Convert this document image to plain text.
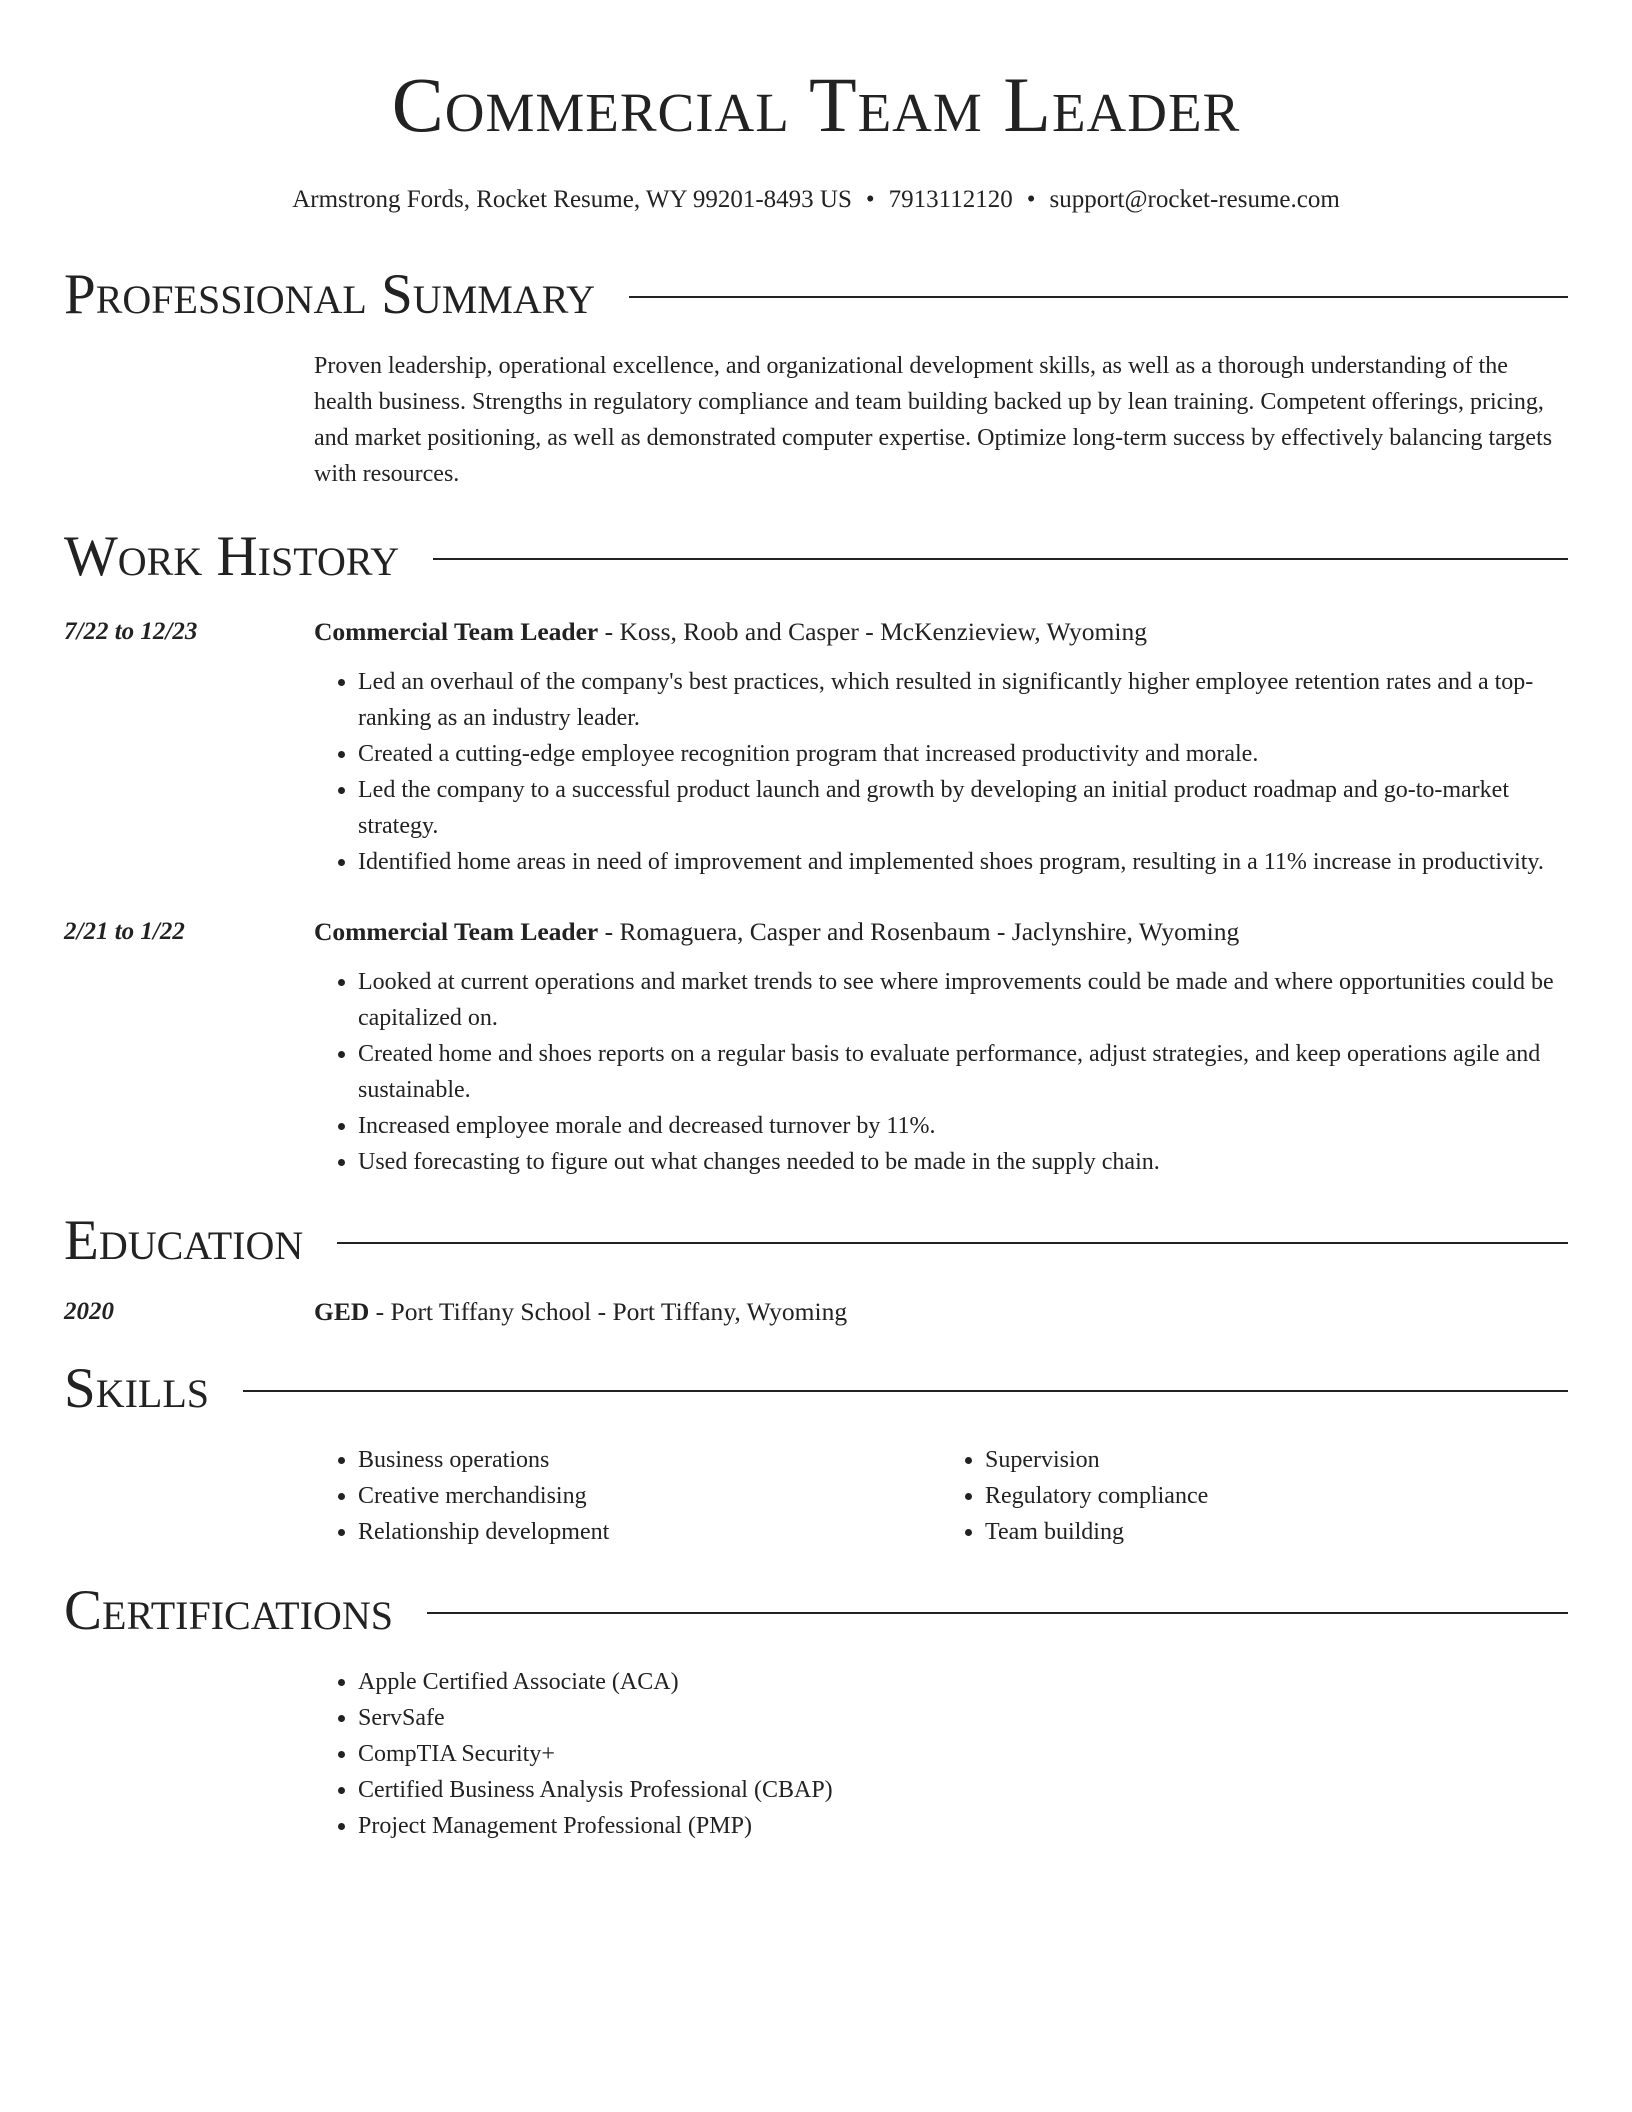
Commercial Team Leader
Armstrong Fords, Rocket Resume, WY 99201-8493 US • 7913112120 • support@rocket-resume.com
Professional Summary
Proven leadership, operational excellence, and organizational development skills, as well as a thorough understanding of the health business. Strengths in regulatory compliance and team building backed up by lean training. Competent offerings, pricing, and market positioning, as well as demonstrated computer expertise. Optimize long-term success by effectively balancing targets with resources.
Work History
7/22 to 12/23	Commercial Team Leader - Koss, Roob and Casper - McKenzieview, Wyoming
• Led an overhaul of the company's best practices, which resulted in significantly higher employee retention rates and a top-ranking as an industry leader.
• Created a cutting-edge employee recognition program that increased productivity and morale.
• Led the company to a successful product launch and growth by developing an initial product roadmap and go-to-market strategy.
• Identified home areas in need of improvement and implemented shoes program, resulting in a 11% increase in productivity.
2/21 to 1/22	Commercial Team Leader - Romaguera, Casper and Rosenbaum - Jaclynshire, Wyoming
• Looked at current operations and market trends to see where improvements could be made and where opportunities could be capitalized on.
• Created home and shoes reports on a regular basis to evaluate performance, adjust strategies, and keep operations agile and sustainable.
• Increased employee morale and decreased turnover by 11%.
• Used forecasting to figure out what changes needed to be made in the supply chain.
Education
2020	GED - Port Tiffany School - Port Tiffany, Wyoming
Skills
• Business operations
• Creative merchandising
• Relationship development
• Supervision
• Regulatory compliance
• Team building
Certifications
• Apple Certified Associate (ACA)
• ServSafe
• CompTIA Security+
• Certified Business Analysis Professional (CBAP)
• Project Management Professional (PMP)
